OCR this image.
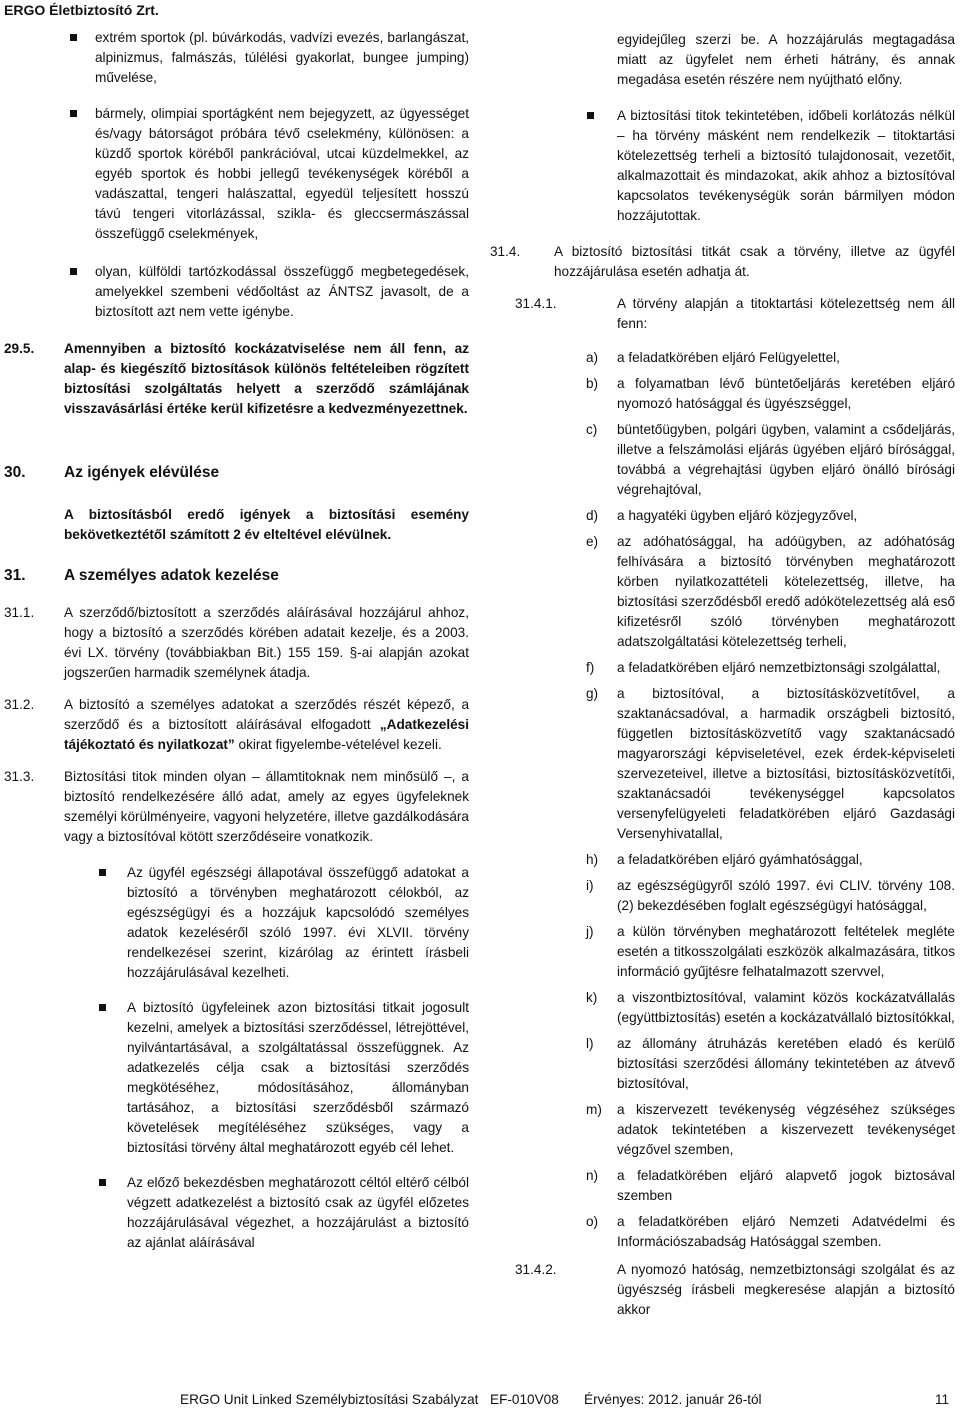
ERGO Életbiztosító Zrt.

extrém sportok (pl. búvárkodás, vadvízi evezés, barlangászat, alpinizmus, falmászás, túlélési gyakorlat, bungee jumping) művelése,

bármely, olimpiai sportágként nem bejegyzett, az ügyességet és/vagy bátorságot próbára tévő cselekmény, különösen: a küzdő sportok köréből pankrációval, utcai küzdelmekkel, az egyéb sportok és hobbi jellegű tevékenységek köréből a vadászattal, tengeri halászattal, egyedül teljesített hosszú távú tengeri vitorlázással, szikla- és gleccsermászással összefüggő cselekmények,

olyan, külföldi tartózkodással összefüggő megbetegedések, amelyekkel szembeni védőoltást az ÁNTSZ javasolt, de a biztosított azt nem vette igénybe.

29.5. Amennyiben a biztosító kockázatviselése nem áll fenn, az alap- és kiegészítő biztosítások különös feltételeiben rögzített biztosítási szolgáltatás helyett a szerződő számlájának visszavásárlási értéke kerül kifizetésre a kedvezményezettnek.

30. Az igények elévülése

A biztosításból eredő igények a biztosítási esemény bekövetkeztétől számított 2 év elteltével elévülnek.

31. A személyes adatok kezelése
31.1. A szerződő/biztosított a szerződés aláírásával hozzájárul ahhoz, hogy a biztosító a szerződés körében adatait kezelje, és a 2003. évi LX. törvény (továbbiakban Bit.) 155 159. §-ai alapján azokat jogszerűen harmadik személynek átadja.

31.2. A biztosító a személyes adatokat a szerződés részét képező, a szerződő és a biztosított aláírásával elfogadott „Adatkezelési tájékoztató és nyilatkozat” okirat figyelembe-vételével kezeli.

31.3. Biztosítási titok minden olyan – államtitoknak nem minősülő –, a biztosító rendelkezésére álló adat, amely az egyes ügyfeleknek személyi körülményeire, vagyoni helyzetére, illetve gazdálkodására vagy a biztosítóval kötött szerződéseire vonatkozik.

Az ügyfél egészségi állapotával összefüggő adatokat a biztosító a törvényben meghatározott célokból, az egészségügyi és a hozzájuk kapcsolódó személyes adatok kezeléséről szóló 1997. évi XLVII. törvény rendelkezései szerint, kizárólag az érintett írásbeli hozzájárulásával kezelheti.

A biztosító ügyfeleinek azon biztosítási titkait jogosult kezelni, amelyek a biztosítási szerződéssel, létrejöttével, nyilvántartásával, a szolgáltatással összefüggnek. Az adatkezelés célja csak a biztosítási szerződés megkötéséhez, módosításához, állományban tartásához, a biztosítási szerződésből származó követelések megítéléséhez szükséges, vagy a biztosítási törvény által meghatározott egyéb cél lehet.

Az előző bekezdésben meghatározott céltól eltérő célból végzett adatkezelést a biztosító csak az ügyfél előzetes hozzájárulásával végezhet, a hozzájárulást a biztosító az ajánlat aláírásával

egyidejűleg szerzi be. A hozzájárulás megtagadása miatt az ügyfelet nem érheti hátrány, és annak megadása esetén részére nem nyújtható előny.

A biztosítási titok tekintetében, időbeli korlátozás nélkül – ha törvény másként nem rendelkezik – titoktartási kötelezettség terheli a biztosító tulajdonosait, vezetőit, alkalmazottait és mindazokat, akik ahhoz a biztosítóval kapcsolatos tevékenységük során bármilyen módon hozzájutottak.

31.4. A biztosító biztosítási titkát csak a törvény, illetve az ügyfél hozzájárulása esetén adhatja át.

31.4.1.	A törvény alapján a titoktartási kötelezettség nem áll fenn:

a) a feladatkörében eljáró Felügyelettel,

b) a folyamatban lévő büntetőeljárás keretében eljáró nyomozó hatósággal és ügyészséggel,

c) büntetőügyben, polgári ügyben, valamint a csődeljárás, illetve a felszámolási eljárás ügyében eljáró bírósággal, továbbá a végrehajtási ügyben eljáró önálló bírósági végrehajtóval,

d) a hagyatéki ügyben eljáró közjegyzővel,

e) az adóhatósággal, ha adóügyben, az adóhatóság felhívására a biztosító törvényben meghatározott körben nyilatkozattételi kötelezettség, illetve, ha biztosítási szerződésből eredő adókötelezettség alá eső kifizetésről szóló törvényben meghatározott adatszolgáltatási kötelezettség terheli,

f) a feladatkörében eljáró nemzetbiztonsági szolgálattal,

g) a biztosítóval, a biztosításközvetítővel, a szaktanácsadóval, a harmadik országbeli biztosító, független biztosításközvetítő vagy szaktanácsadó magyarországi képviseletével, ezek érdek-képviseleti szervezeteivel, illetve a biztosítási, biztosításközvetítői, szaktanácsadói tevékenységgel kapcsolatos versenyfelügyeleti feladatkörében eljáró Gazdasági Versenyhivatallal,

h) a feladatkörében eljáró gyámhatósággal,

i) az egészségügyről szóló 1997. évi CLIV. törvény 108. (2) bekezdésében foglalt egészségügyi hatósággal,

j) a külön törvényben meghatározott feltételek megléte esetén a titkosszolgálati eszközök alkalmazására, titkos információ gyűjtésre felhatalmazott szervvel,

k) a viszontbiztosítóval, valamint közös kockázatvállalás (együttbiztosítás) esetén a kockázatvállaló biztosítókkal,

l) az állomány átruházás keretében eladó és kerülő biztosítási szerződési állomány tekintetében az átvevő biztosítóval,

m) a kiszervezett tevékenység végzéséhez szükséges adatok tekintetében a kiszervezett tevékenységet végzővel szemben,

n) a feladatkörében eljáró alapvető jogok biztosával szemben

o) a feladatkörében eljáró Nemzeti Adatvédelmi és Információszabadság Hatósággal szemben.

31.4.2.	A nyomozó hatóság, nemzetbiztonsági szolgálat és az ügyészség írásbeli megkeresése alapján a biztosító akkor

ERGO Unit Linked Személybiztosítási Szabályzat EF-010V08 Érvényes: 2012. január 26-tól	11
